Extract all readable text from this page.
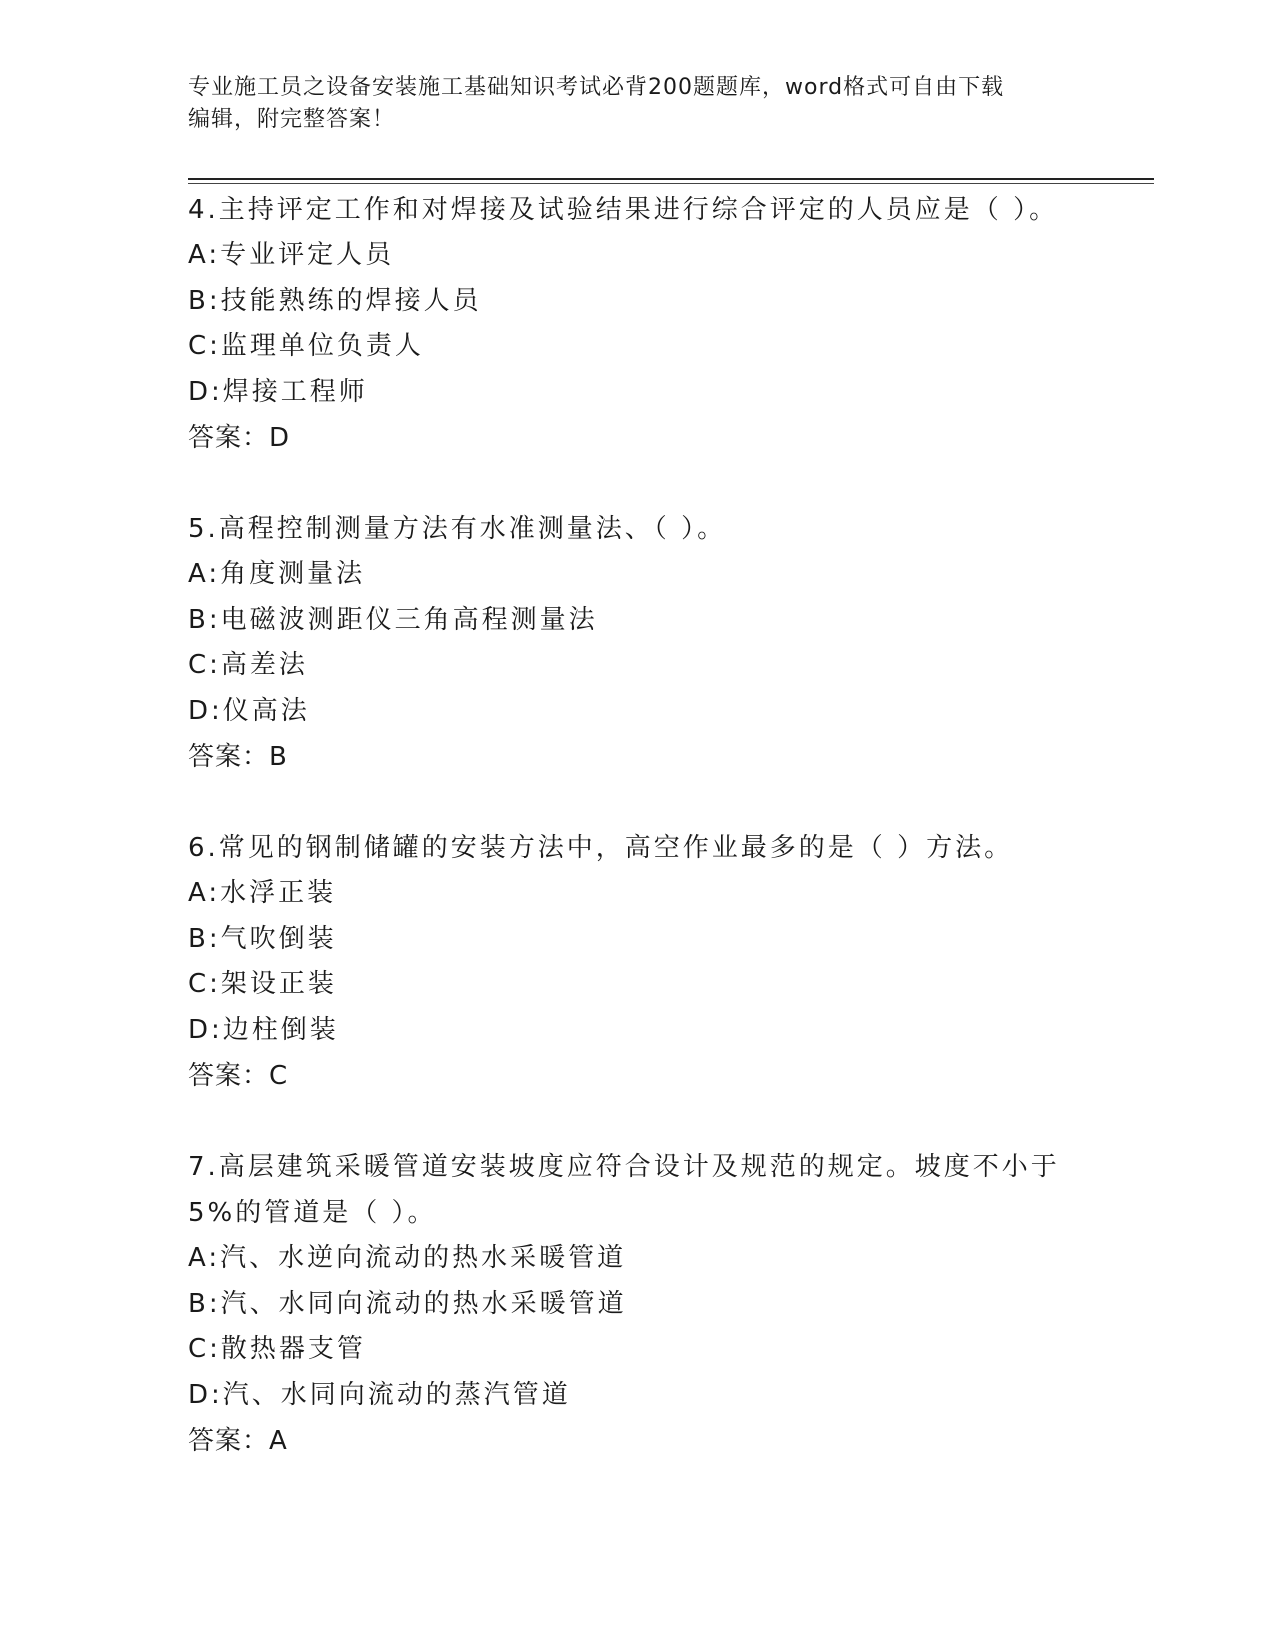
专业施工员之设备安装施工基础知识考试必背200题题库，word格式可自由下载
编辑，附完整答案！

4.主持评定工作和对焊接及试验结果进行综合评定的人员应是（ ）。

A:专业评定人员

B:技能熟练的焊接人员

C:监理单位负责人

D:焊接工程师

答案：D

5.高程控制测量方法有水准测量法、（ ）。

A:角度测量法

B:电磁波测距仪三角高程测量法

C:高差法

D:仪高法

答案：B

6.常见的钢制储罐的安装方法中，高空作业最多的是（ ）方法。

A:水浮正装

B:气吹倒装

C:架设正装

D:边柱倒装

答案：C

7.高层建筑采暖管道安装坡度应符合设计及规范的规定。坡度不小于

5%的管道是（ ）。

A:汽、水逆向流动的热水采暖管道

B:汽、水同向流动的热水采暖管道

C:散热器支管

D:汽、水同向流动的蒸汽管道

答案：A
